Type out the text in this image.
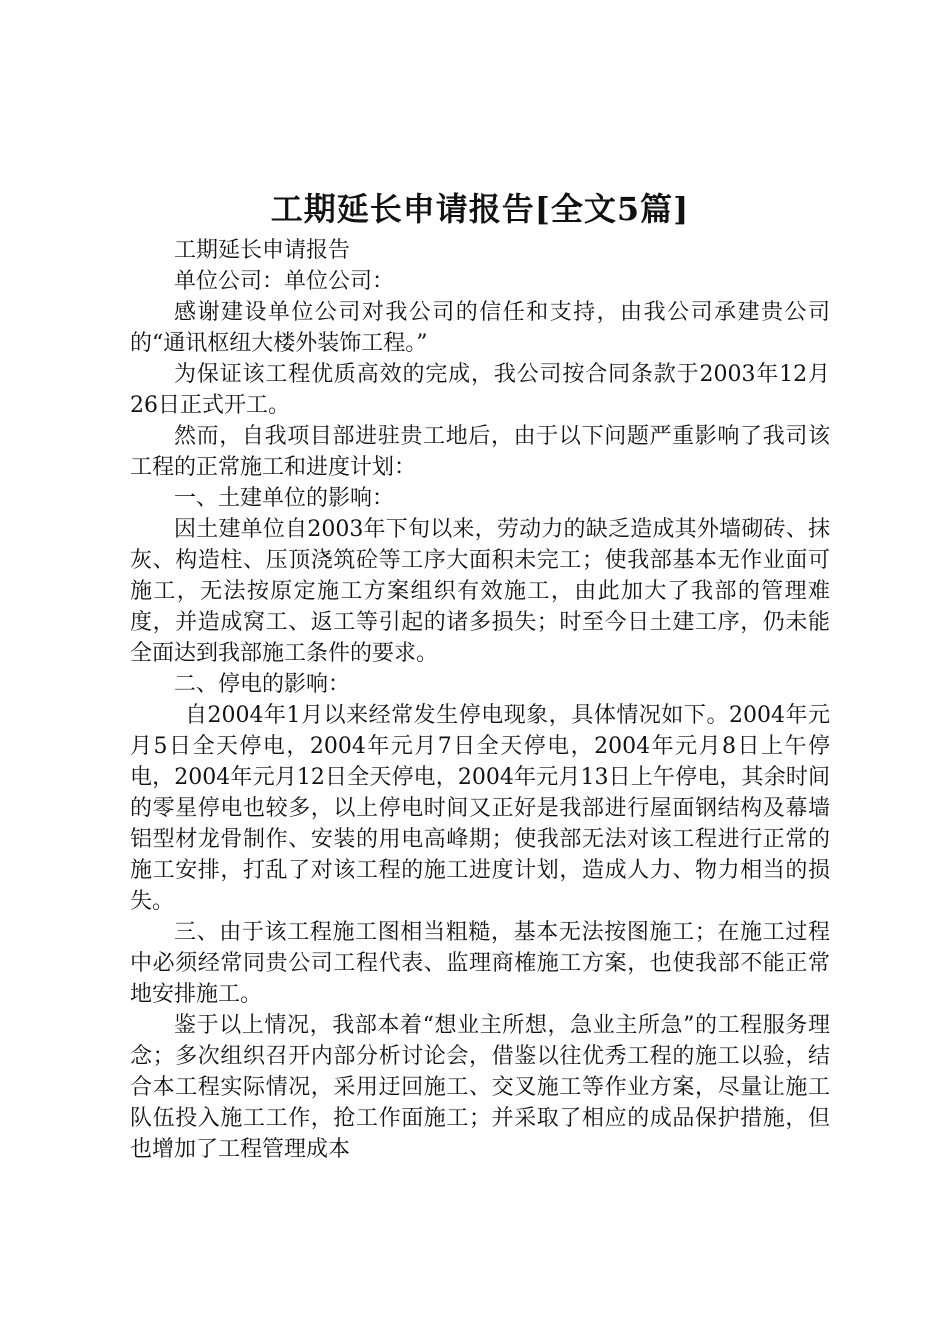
工期延长申请报告[全文5篇]

工期延长申请报告

单位公司：单位公司：

感谢建设单位公司对我公司的信任和支持，由我公司承建贵公司的“通讯枢纽大楼外装饰工程。”

为保证该工程优质高效的完成，我公司按合同条款于2003年12月26日正式开工。

然而，自我项目部进驻贵工地后，由于以下问题严重影响了我司该工程的正常施工和进度计划：

一、土建单位的影响：

因土建单位自2003年下旬以来，劳动力的缺乏造成其外墙砌砖、抹灰、构造柱、压顶浇筑砼等工序大面积未完工；使我部基本无作业面可施工，无法按原定施工方案组织有效施工，由此加大了我部的管理难度，并造成窝工、返工等引起的诸多损失；时至今日土建工序，仍未能全面达到我部施工条件的要求。

二、停电的影响：

自2004年1月以来经常发生停电现象，具体情况如下。2004年元月5日全天停电，2004年元月7日全天停电，2004年元月8日上午停电，2004年元月12日全天停电，2004年元月13日上午停电，其余时间的零星停电也较多，以上停电时间又正好是我部进行屋面钢结构及幕墙铝型材龙骨制作、安装的用电高峰期；使我部无法对该工程进行正常的施工安排，打乱了对该工程的施工进度计划，造成人力、物力相当的损失。

三、由于该工程施工图相当粗糙，基本无法按图施工；在施工过程中必须经常同贵公司工程代表、监理商榷施工方案，也使我部不能正常地安排施工。

鉴于以上情况，我部本着“想业主所想，急业主所急”的工程服务理念；多次组织召开内部分析讨论会，借鉴以往优秀工程的施工以验，结合本工程实际情况，采用迂回施工、交叉施工等作业方案，尽量让施工队伍投入施工工作，抢工作面施工；并采取了相应的成品保护措施，但也增加了工程管理成本
